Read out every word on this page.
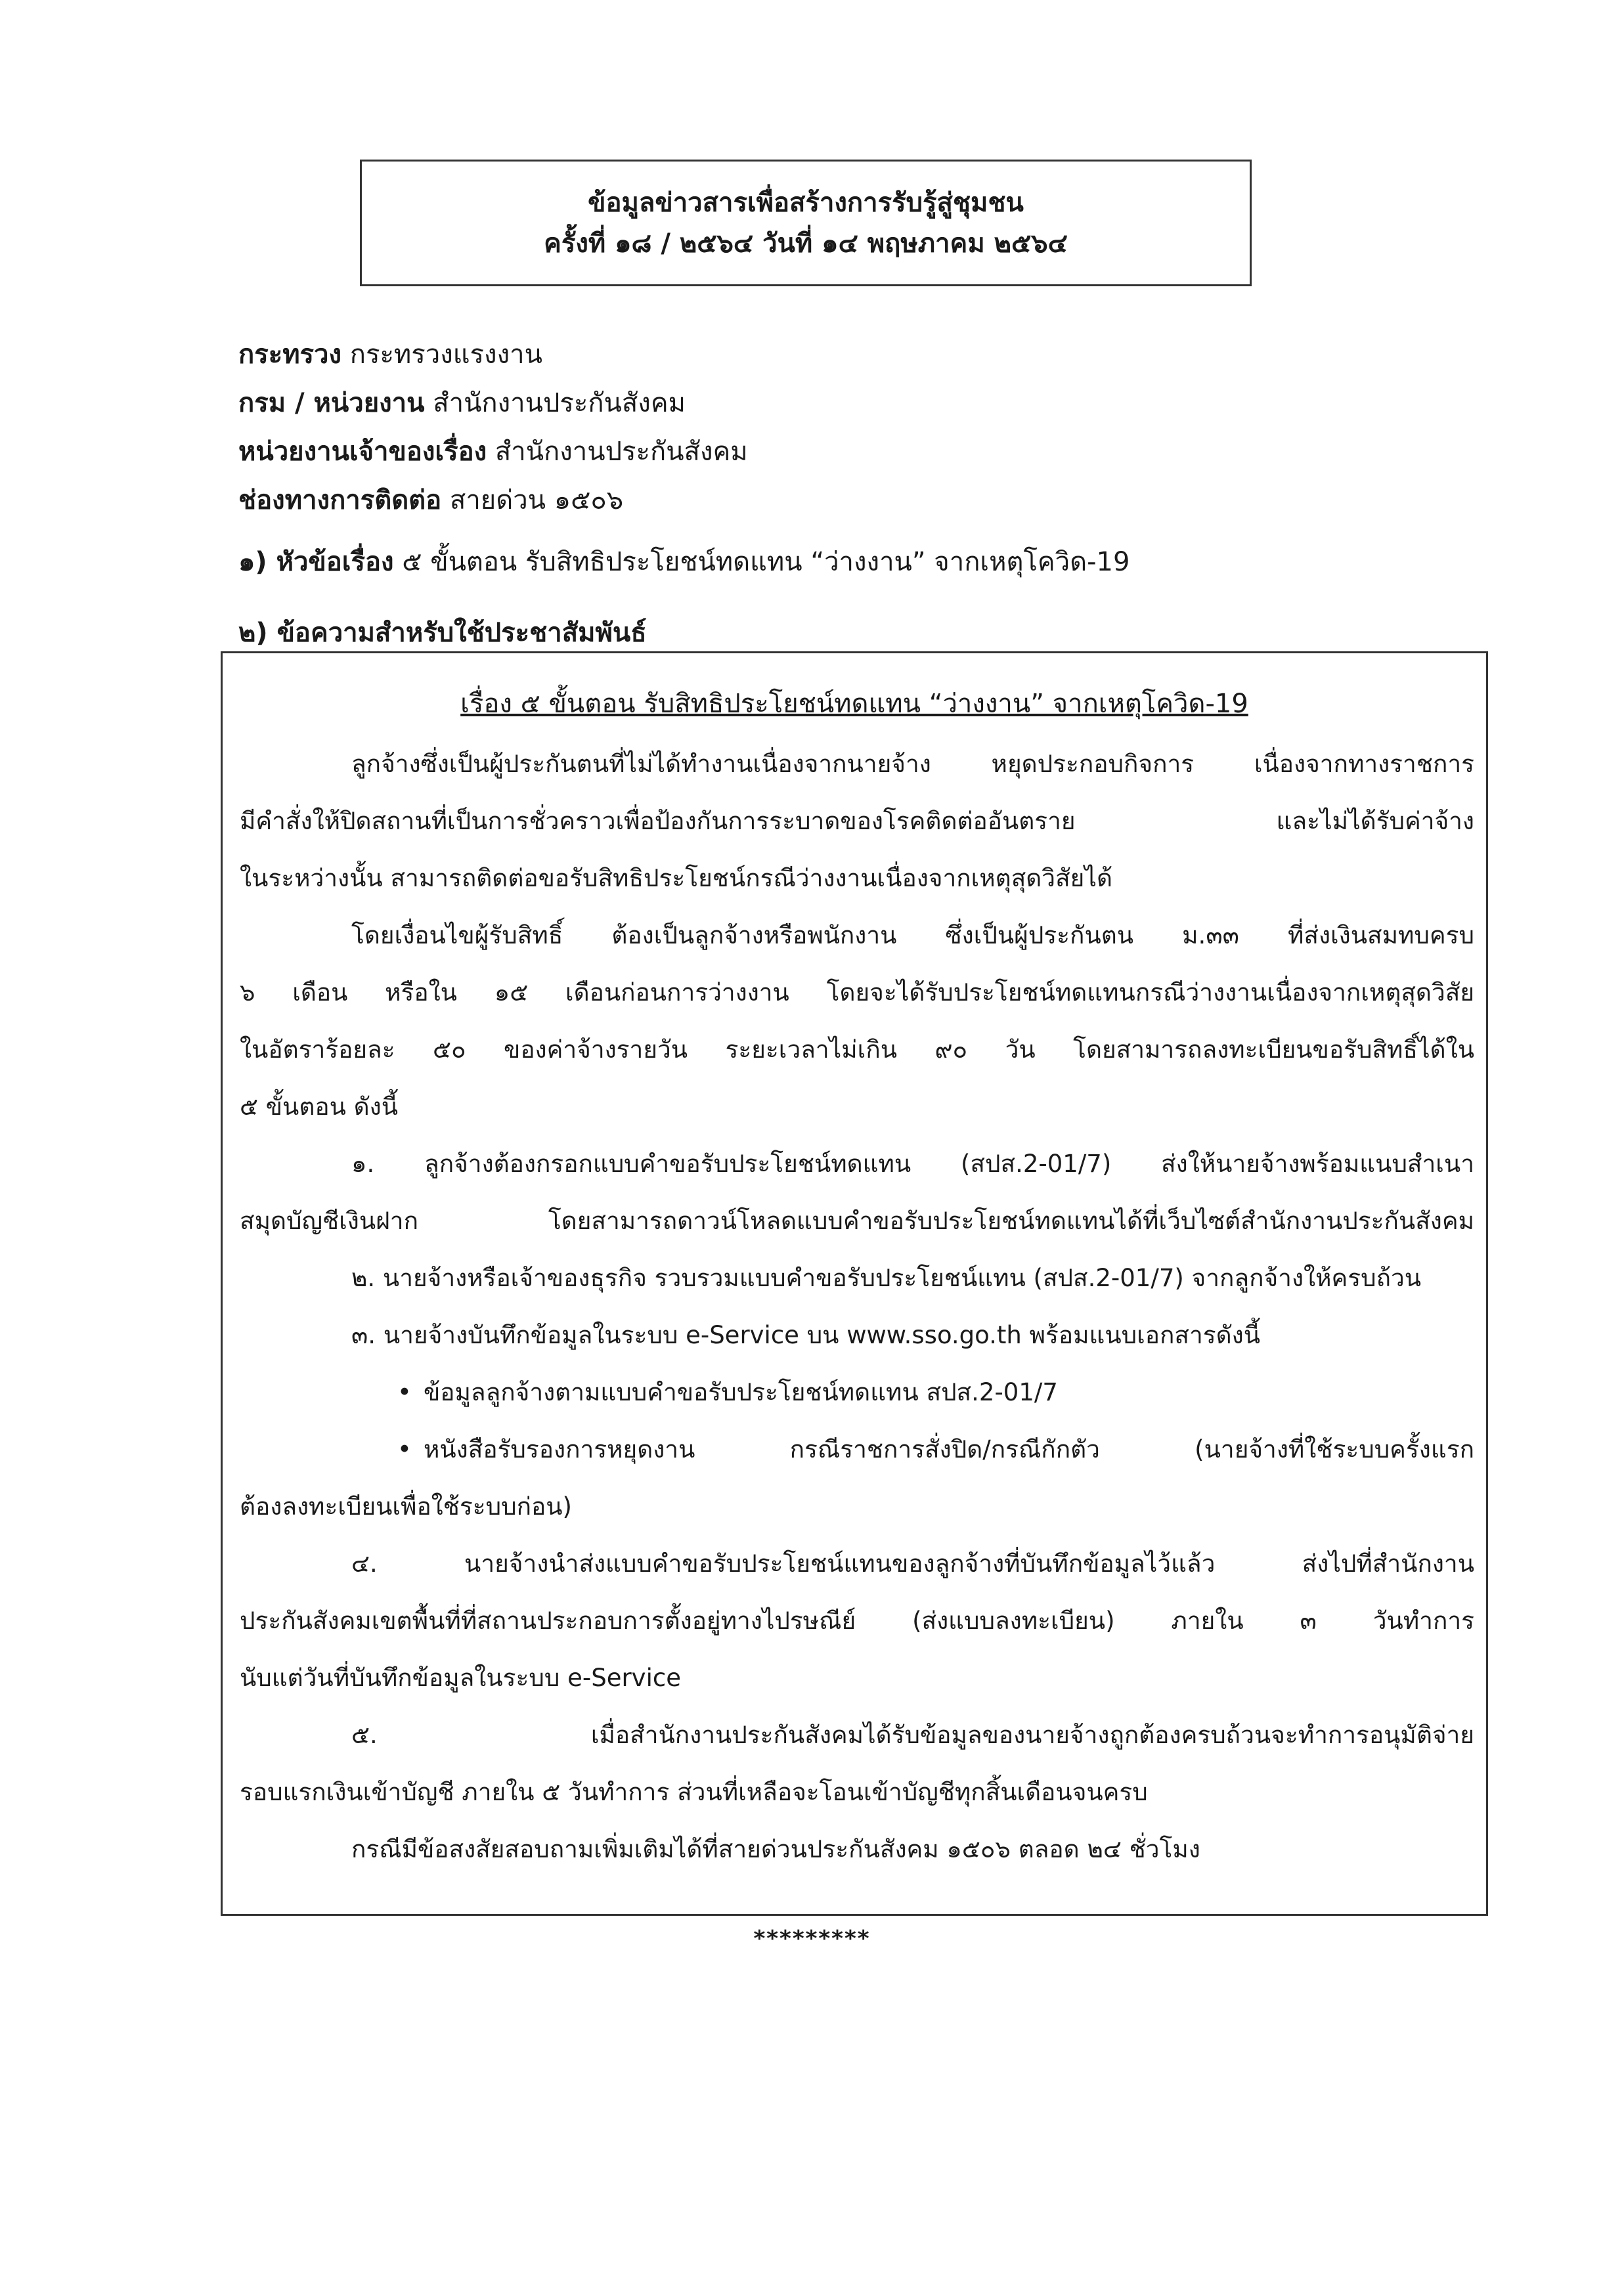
ข้อมูลข่าวสารเพื่อสร้างการรับรู้สู่ชุมชน
ครั้งที่ ๑๘ / ๒๕๖๔ วันที่ ๑๔ พฤษภาคม ๒๕๖๔
กระทรวง กระทรวงแรงงาน
กรม / หน่วยงาน สำนักงานประกันสังคม
หน่วยงานเจ้าของเรื่อง สำนักงานประกันสังคม
ช่องทางการติดต่อ สายด่วน ๑๕๐๖
๑) หัวข้อเรื่อง ๕ ขั้นตอน รับสิทธิประโยชน์ทดแทน “ว่างงาน” จากเหตุโควิด-19
๒) ข้อความสำหรับใช้ประชาสัมพันธ์
เรื่อง ๕ ขั้นตอน รับสิทธิประโยชน์ทดแทน “ว่างงาน” จากเหตุโควิด-19
ลูกจ้างซึ่งเป็นผู้ประกันตนที่ไม่ได้ทำงานเนื่องจากนายจ้าง หยุดประกอบกิจการ เนื่องจากทางราชการ
มีคำสั่งให้ปิดสถานที่เป็นการชั่วคราวเพื่อป้องกันการระบาดของโรคติดต่ออันตราย และไม่ได้รับค่าจ้าง
ในระหว่างนั้น สามารถติดต่อขอรับสิทธิประโยชน์กรณีว่างงานเนื่องจากเหตุสุดวิสัยได้
โดยเงื่อนไขผู้รับสิทธิ์ ต้องเป็นลูกจ้างหรือพนักงาน ซึ่งเป็นผู้ประกันตน ม.๓๓ ที่ส่งเงินสมทบครบ
๖ เดือน หรือใน ๑๕ เดือนก่อนการว่างงาน โดยจะได้รับประโยชน์ทดแทนกรณีว่างงานเนื่องจากเหตุสุดวิสัย
ในอัตราร้อยละ ๕๐ ของค่าจ้างรายวัน ระยะเวลาไม่เกิน ๙๐ วัน โดยสามารถลงทะเบียนขอรับสิทธิ์ได้ใน
๕ ขั้นตอน ดังนี้
๑. ลูกจ้างต้องกรอกแบบคำขอรับประโยชน์ทดแทน (สปส.2-01/7) ส่งให้นายจ้างพร้อมแนบสำเนา
สมุดบัญชีเงินฝาก โดยสามารถดาวน์โหลดแบบคำขอรับประโยชน์ทดแทนได้ที่เว็บไซต์สำนักงานประกันสังคม
๒. นายจ้างหรือเจ้าของธุรกิจ รวบรวมแบบคำขอรับประโยชน์แทน (สปส.2-01/7) จากลูกจ้างให้ครบถ้วน
๓. นายจ้างบันทึกข้อมูลในระบบ e-Service บน www.sso.go.th พร้อมแนบเอกสารดังนี้
• ข้อมูลลูกจ้างตามแบบคำขอรับประโยชน์ทดแทน สปส.2-01/7
• หนังสือรับรองการหยุดงาน กรณีราชการสั่งปิด/กรณีกักตัว (นายจ้างที่ใช้ระบบครั้งแรก
ต้องลงทะเบียนเพื่อใช้ระบบก่อน)
๔. นายจ้างนำส่งแบบคำขอรับประโยชน์แทนของลูกจ้างที่บันทึกข้อมูลไว้แล้ว ส่งไปที่สำนักงาน
ประกันสังคมเขตพื้นที่ที่สถานประกอบการตั้งอยู่ทางไปรษณีย์ (ส่งแบบลงทะเบียน) ภายใน ๓ วันทำการ
นับแต่วันที่บันทึกข้อมูลในระบบ e-Service
๕. เมื่อสำนักงานประกันสังคมได้รับข้อมูลของนายจ้างถูกต้องครบถ้วนจะทำการอนุมัติจ่าย
รอบแรกเงินเข้าบัญชี ภายใน ๕ วันทำการ ส่วนที่เหลือจะโอนเข้าบัญชีทุกสิ้นเดือนจนครบ
กรณีมีข้อสงสัยสอบถามเพิ่มเติมได้ที่สายด่วนประกันสังคม ๑๕๐๖ ตลอด ๒๔ ชั่วโมง
*********
